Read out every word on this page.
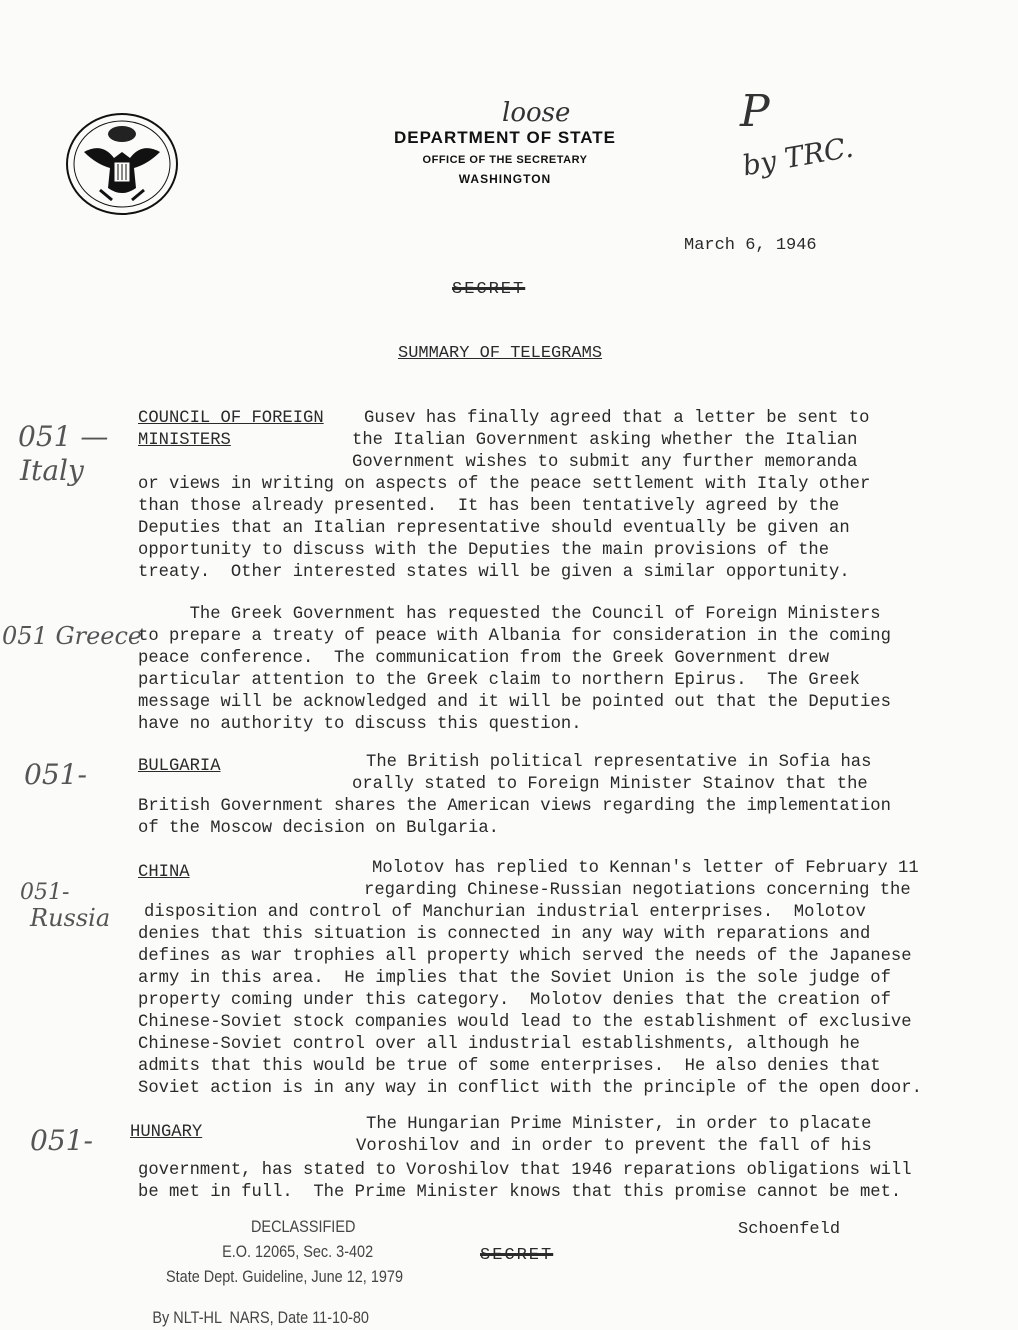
DEPARTMENT OF STATE
OFFICE OF THE SECRETARY
WASHINGTON
P
by TRC.
loose
March 6, 1946
SECRET
SUMMARY OF TELEGRAMS
051 —
Italy
051 Greece
051-
051-
Russia
051-
COUNCIL OF FOREIGN
MINISTERS
Gusev has finally agreed that a letter be sent to
the Italian Government asking whether the Italian
Government wishes to submit any further memoranda
or views in writing on aspects of the peace settlement with Italy other
than those already presented.  It has been tentatively agreed by the
Deputies that an Italian representative should eventually be given an
opportunity to discuss with the Deputies the main provisions of the
treaty.  Other interested states will be given a similar opportunity.
The Greek Government has requested the Council of Foreign Ministers
to prepare a treaty of peace with Albania for consideration in the coming
peace conference.  The communication from the Greek Government drew
particular attention to the Greek claim to northern Epirus.  The Greek
message will be acknowledged and it will be pointed out that the Deputies
have no authority to discuss this question.
BULGARIA	The British political representative in Sofia has
orally stated to Foreign Minister Stainov that the
British Government shares the American views regarding the implementation
of the Moscow decision on Bulgaria.
CHINA	Molotov has replied to Kennan's letter of February 11
regarding Chinese-Russian negotiations concerning the
disposition and control of Manchurian industrial enterprises.  Molotov
denies that this situation is connected in any way with reparations and
defines as war trophies all property which served the needs of the Japanese
army in this area.  He implies that the Soviet Union is the sole judge of
property coming under this category.  Molotov denies that the creation of
Chinese-Soviet stock companies would lead to the establishment of exclusive
Chinese-Soviet control over all industrial establishments, although he
admits that this would be true of some enterprises.  He also denies that
Soviet action is in any way in conflict with the principle of the open door.
HUNGARY	The Hungarian Prime Minister, in order to placate
Voroshilov and in order to prevent the fall of his
government, has stated to Voroshilov that 1946 reparations obligations will
be met in full.  The Prime Minister knows that this promise cannot be met.
Schoenfeld
SECRET
DECLASSIFIED
E.O. 12065, Sec. 3-402
State Dept. Guideline, June 12, 1979
By NLT-HL  NARS, Date 11-10-80
